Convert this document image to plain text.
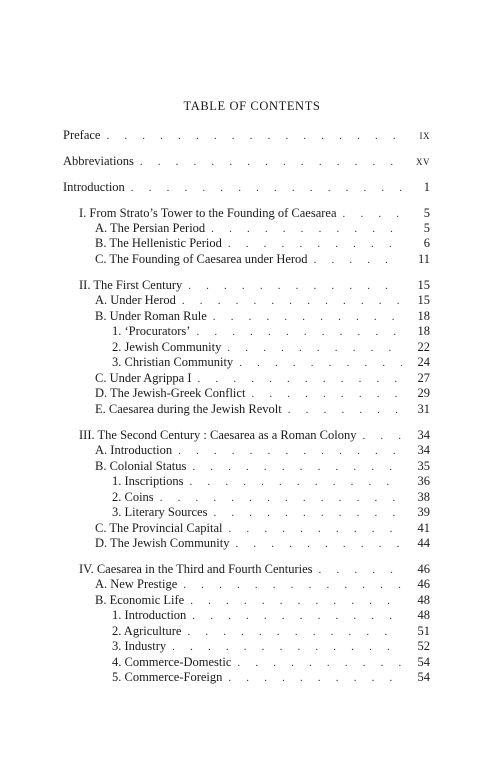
TABLE OF CONTENTS
Preface . . .	ix
Abbreviations . . .	xv
Introduction . . .	1
I. From Strato’s Tower to the Founding of Caesarea . . .	5
A. The Persian Period . . .	5
B. The Hellenistic Period . . .	6
C. The Founding of Caesarea under Herod . . .	11
II. The First Century . . .	15
A. Under Herod . . .	15
B. Under Roman Rule . . .	18
1. ‘Procurators’ . . .	18
2. Jewish Community . . .	22
3. Christian Community . . .	24
C. Under Agrippa I . . .	27
D. The Jewish-Greek Conflict . . .	29
E. Caesarea during the Jewish Revolt . . .	31
III. The Second Century : Caesarea as a Roman Colony . . .	34
A. Introduction . . .	34
B. Colonial Status . . .	35
1. Inscriptions . . .	36
2. Coins . . .	38
3. Literary Sources . . .	39
C. The Provincial Capital . . .	41
D. The Jewish Community . . .	44
IV. Caesarea in the Third and Fourth Centuries . . .	46
A. New Prestige . . .	46
B. Economic Life . . .	48
1. Introduction . . .	48
2. Agriculture . . .	51
3. Industry . . .	52
4. Commerce-Domestic . . .	54
5. Commerce-Foreign . . .	54
